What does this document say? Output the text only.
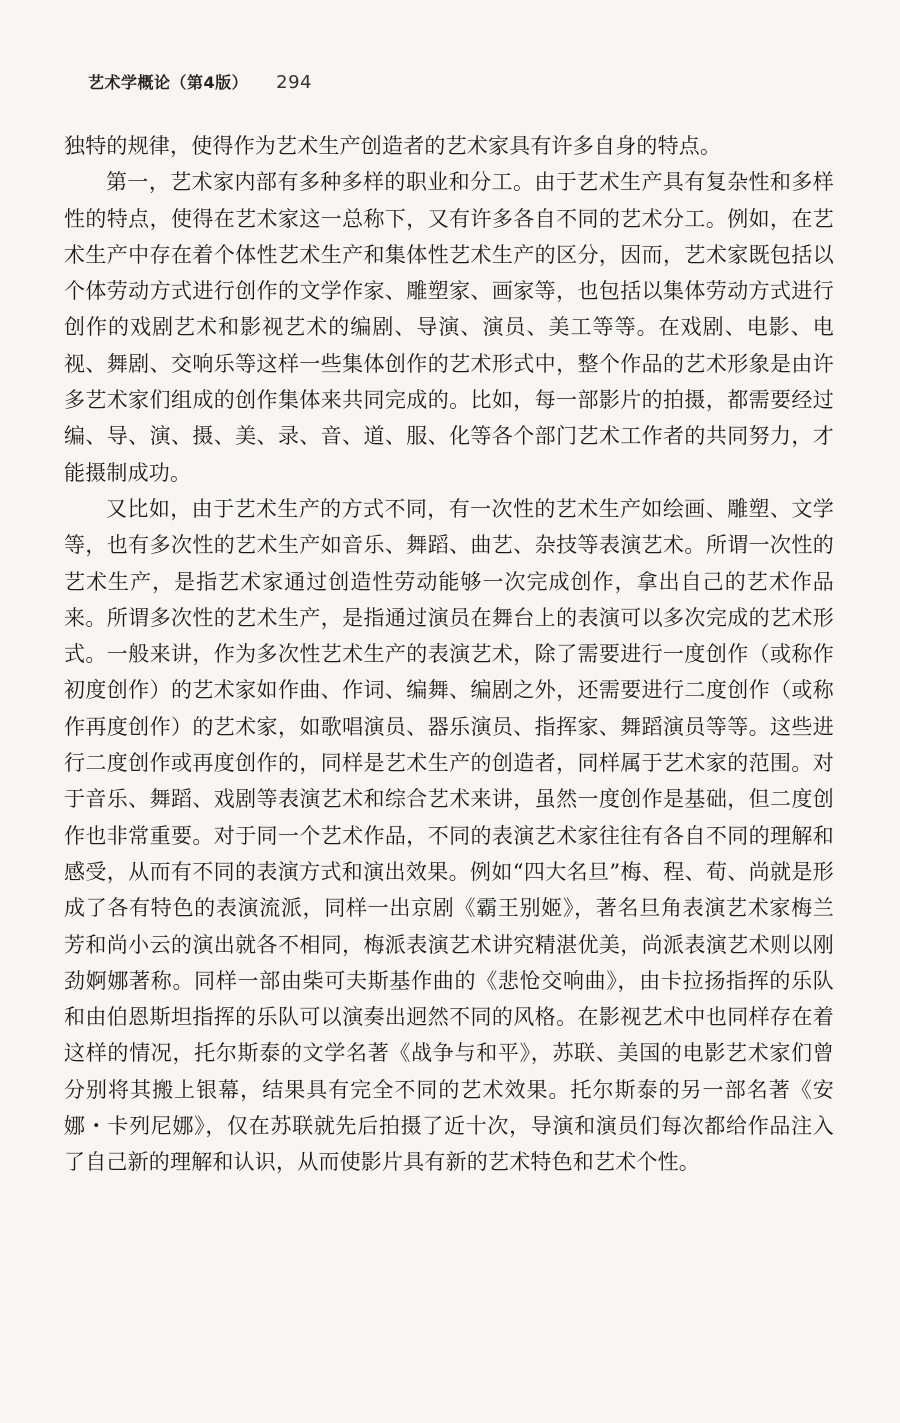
艺术学概论（第4版） 294

独特的规律，使得作为艺术生产创造者的艺术家具有许多自身的特点。

第一，艺术家内部有多种多样的职业和分工。由于艺术生产具有复杂性和多样性的特点，使得在艺术家这一总称下，又有许多各自不同的艺术分工。例如，在艺术生产中存在着个体性艺术生产和集体性艺术生产的区分，因而，艺术家既包括以个体劳动方式进行创作的文学作家、雕塑家、画家等，也包括以集体劳动方式进行创作的戏剧艺术和影视艺术的编剧、导演、演员、美工等等。在戏剧、电影、电视、舞剧、交响乐等这样一些集体创作的艺术形式中，整个作品的艺术形象是由许多艺术家们组成的创作集体来共同完成的。比如，每一部影片的拍摄，都需要经过编、导、演、摄、美、录、音、道、服、化等各个部门艺术工作者的共同努力，才能摄制成功。

又比如，由于艺术生产的方式不同，有一次性的艺术生产如绘画、雕塑、文学等，也有多次性的艺术生产如音乐、舞蹈、曲艺、杂技等表演艺术。所谓一次性的艺术生产，是指艺术家通过创造性劳动能够一次完成创作，拿出自己的艺术作品来。所谓多次性的艺术生产，是指通过演员在舞台上的表演可以多次完成的艺术形式。一般来讲，作为多次性艺术生产的表演艺术，除了需要进行一度创作（或称作初度创作）的艺术家如作曲、作词、编舞、编剧之外，还需要进行二度创作（或称作再度创作）的艺术家，如歌唱演员、器乐演员、指挥家、舞蹈演员等等。这些进行二度创作或再度创作的，同样是艺术生产的创造者，同样属于艺术家的范围。对于音乐、舞蹈、戏剧等表演艺术和综合艺术来讲，虽然一度创作是基础，但二度创作也非常重要。对于同一个艺术作品，不同的表演艺术家往往有各自不同的理解和感受，从而有不同的表演方式和演出效果。例如“四大名旦”梅、程、荀、尚就是形成了各有特色的表演流派，同样一出京剧《霸王别姬》，著名旦角表演艺术家梅兰芳和尚小云的演出就各不相同，梅派表演艺术讲究精湛优美，尚派表演艺术则以刚劲婀娜著称。同样一部由柴可夫斯基作曲的《悲怆交响曲》，由卡拉扬指挥的乐队和由伯恩斯坦指挥的乐队可以演奏出迥然不同的风格。在影视艺术中也同样存在着这样的情况，托尔斯泰的文学名著《战争与和平》，苏联、美国的电影艺术家们曾分别将其搬上银幕，结果具有完全不同的艺术效果。托尔斯泰的另一部名著《安娜・卡列尼娜》，仅在苏联就先后拍摄了近十次，导演和演员们每次都给作品注入了自己新的理解和认识，从而使影片具有新的艺术特色和艺术个性。
